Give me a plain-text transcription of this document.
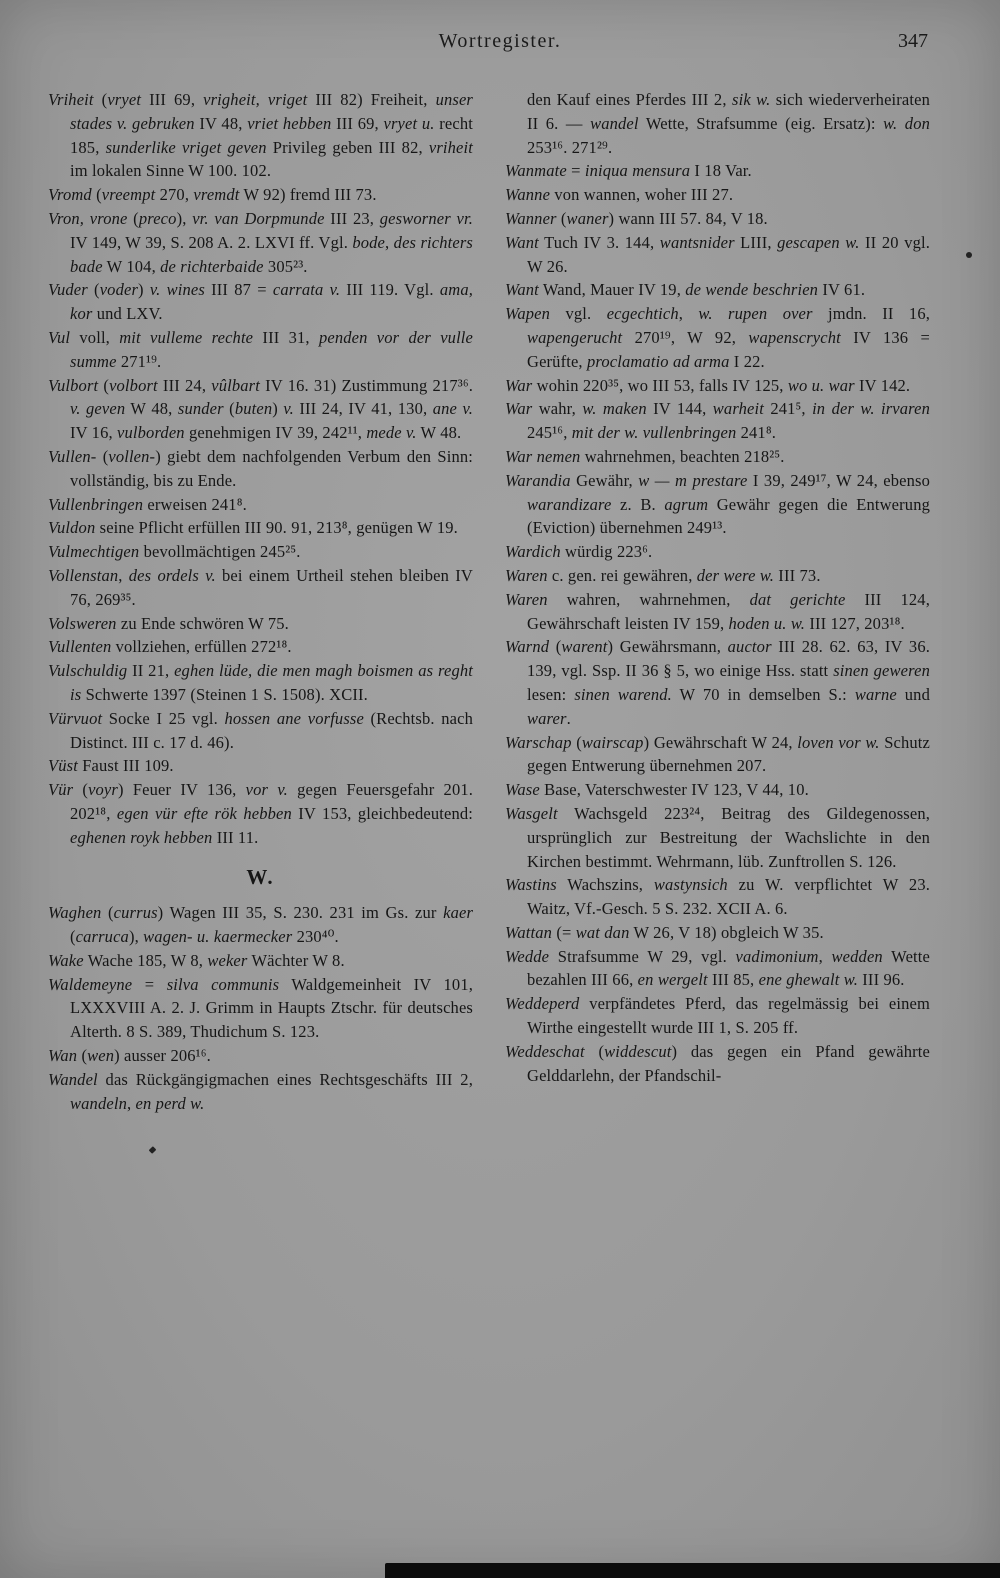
Wortregister.	347
Vriheit (vryet III 69, vrigheit, vriget III 82) Freiheit, unser stades v. gebruken IV 48, vriet hebben III 69, vryet u. recht 185, sunderlike vriget geven Privileg geben III 82, vriheit im lokalen Sinne W 100. 102.
Vromd (vreempt 270, vremdt W 92) fremd III 73.
Vron, vrone (preco), vr. van Dorpmunde III 23, gesworner vr. IV 149, W 39, S. 208 A. 2. LXVI ff. Vgl. bode, des richters bade W 104, de richterbaide 305²³.
Vuder (voder) v. wines III 87 = carrata v. III 119. Vgl. ama, kor und LXV.
Vul voll, mit vulleme rechte III 31, penden vor der vulle summe 271¹⁹.
Vulbort (volbort III 24, vûlbart IV 16. 31) Zustimmung 217³⁶. v. geven W 48, sunder (buten) v. III 24, IV 41, 130, ane v. IV 16, vulborden genehmigen IV 39, 242¹¹, mede v. W 48.
Vullen- (vollen-) giebt dem nachfolgenden Verbum den Sinn: vollständig, bis zu Ende.
Vullenbringen erweisen 241⁸.
Vuldon seine Pflicht erfüllen III 90. 91, 213⁸, genügen W 19.
Vulmechtigen bevollmächtigen 245²⁵.
Vollenstan, des ordels v. bei einem Urtheil stehen bleiben IV 76, 269³⁵.
Volsweren zu Ende schwören W 75.
Vullenten vollziehen, erfüllen 272¹⁸.
Vulschuldig II 21, eghen lüde, die men magh boismen as reght is Schwerte 1397 (Steinen 1 S. 1508). XCII.
Vürvuot Socke I 25 vgl. hossen ane vorfusse (Rechtsb. nach Distinct. III c. 17 d. 46).
Vüst Faust III 109.
Vür (voyr) Feuer IV 136, vor v. gegen Feuersgefahr 201. 202¹⁸, egen vür efte rök hebben IV 153, gleichbedeutend: eghenen royk hebben III 11.
W.
Waghen (currus) Wagen III 35, S. 230. 231 im Gs. zur kaer (carruca), wagen- u. kaermecker 230⁴⁰.
Wake Wache 185, W 8, weker Wächter W 8.
Waldemeyne = silva communis Waldgemeinheit IV 101, LXXXVIII A. 2. J. Grimm in Haupts Ztschr. für deutsches Alterth. 8 S. 389, Thudichum S. 123.
Wan (wen) ausser 206¹⁶.
Wandel das Rückgängigmachen eines Rechtsgeschäfts III 2, wandeln, en perd w.
den Kauf eines Pferdes III 2, sik w. sich wiederverheiraten II 6. — wandel Wette, Strafsumme (eig. Ersatz): w. don 253¹⁶. 271²⁹.
Wanmate = iniqua mensura I 18 Var.
Wanne von wannen, woher III 27.
Wanner (waner) wann III 57. 84, V 18.
Want Tuch IV 3. 144, wantsnider LIII, gescapen w. II 20 vgl. W 26.
Want Wand, Mauer IV 19, de wende beschrien IV 61.
Wapen vgl. ecgechtich, w. rupen over jmdn. II 16, wapengerucht 270¹⁹, W 92, wapenscrycht IV 136 = Gerüfte, proclamatio ad arma I 22.
War wohin 220³⁵, wo III 53, falls IV 125, wo u. war IV 142.
War wahr, w. maken IV 144, warheit 241⁵, in der w. irvaren 245¹⁶, mit der w. vullenbringen 241⁸.
War nemen wahrnehmen, beachten 218²⁵.
Warandia Gewähr, w — m prestare I 39, 249¹⁷, W 24, ebenso warandizare z. B. agrum Gewähr gegen die Entwerung (Eviction) übernehmen 249¹³.
Wardich würdig 223⁶.
Waren c. gen. rei gewähren, der were w. III 73.
Waren wahren, wahrnehmen, dat gerichte III 124, Gewährschaft leisten IV 159, hoden u. w. III 127, 203¹⁸.
Warnd (warent) Gewährsmann, auctor III 28. 62. 63, IV 36. 139, vgl. Ssp. II 36 § 5, wo einige Hss. statt sinen geweren lesen: sinen warend. W 70 in demselben S.: warne und warer.
Warschap (wairscap) Gewährschaft W 24, loven vor w. Schutz gegen Entwerung übernehmen 207.
Wase Base, Vaterschwester IV 123, V 44, 10.
Wasgelt Wachsgeld 223²⁴, Beitrag des Gildegenossen, ursprünglich zur Bestreitung der Wachslichte in den Kirchen bestimmt. Wehrmann, lüb. Zunftrollen S. 126.
Wastins Wachszins, wastynsich zu W. verpflichtet W 23. Waitz, Vf.-Gesch. 5 S. 232. XCII A. 6.
Wattan (= wat dan W 26, V 18) obgleich W 35.
Wedde Strafsumme W 29, vgl. vadimonium, wedden Wette bezahlen III 66, en wergelt III 85, ene ghewalt w. III 96.
Weddeperd verpfändetes Pferd, das regelmässig bei einem Wirthe eingestellt wurde III 1, S. 205 ff.
Weddeschat (widdescut) das gegen ein Pfand gewährte Gelddarlehn, der Pfandschil-
